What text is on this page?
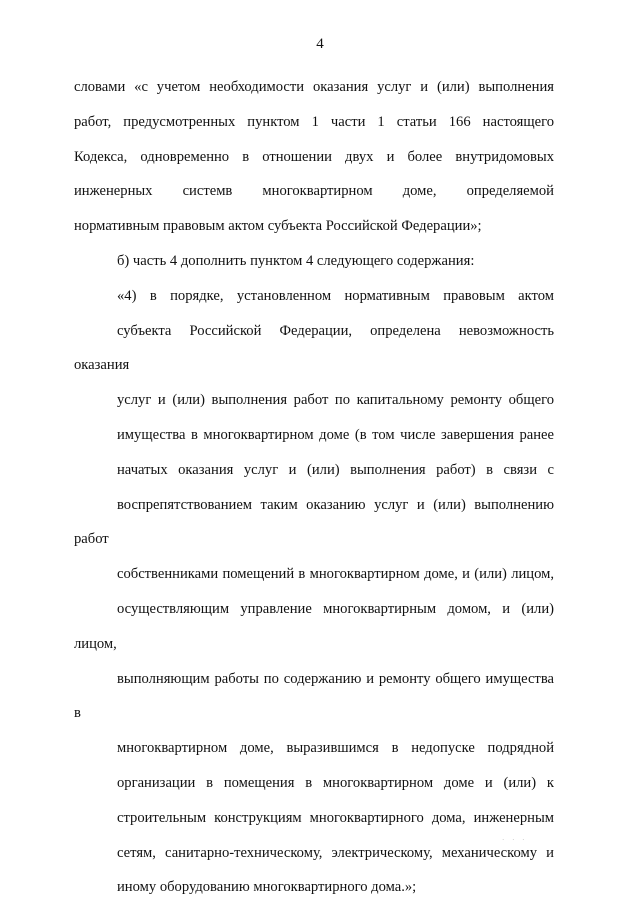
4
словами «с учетом необходимости оказания услуг и (или) выполнения
работ, предусмотренных пунктом 1 части 1 статьи 166 настоящего
Кодекса, одновременно в отношении двух и более внутридомовых
инженерных системв многоквартирном доме, определяемой
нормативным правовым актом субъекта Российской Федерации»;
б) часть 4 дополнить пунктом 4 следующего содержания:
«4) в порядке, установленном нормативным правовым актом
субъекта Российской Федерации, определена невозможность оказания
услуг и (или) выполнения работ по капитальному ремонту общего
имущества в многоквартирном доме (в том числе завершения ранее
начатых оказания услуг и (или) выполнения работ) в связи с
воспрепятствованием таким оказанию услуг и (или) выполнению работ
собственниками помещений в многоквартирном доме, и (или) лицом,
осуществляющим управление многоквартирным домом, и (или) лицом,
выполняющим работы по содержанию и ремонту общего имущества в
многоквартирном доме, выразившимся в недопуске подрядной
организации в помещения в многоквартирном доме и (или) к
строительным конструкциям многоквартирного дома, инженерным
сетям, санитарно-техническому, электрическому, механическому и
иному оборудованию многоквартирного дома.»;
· · ·
